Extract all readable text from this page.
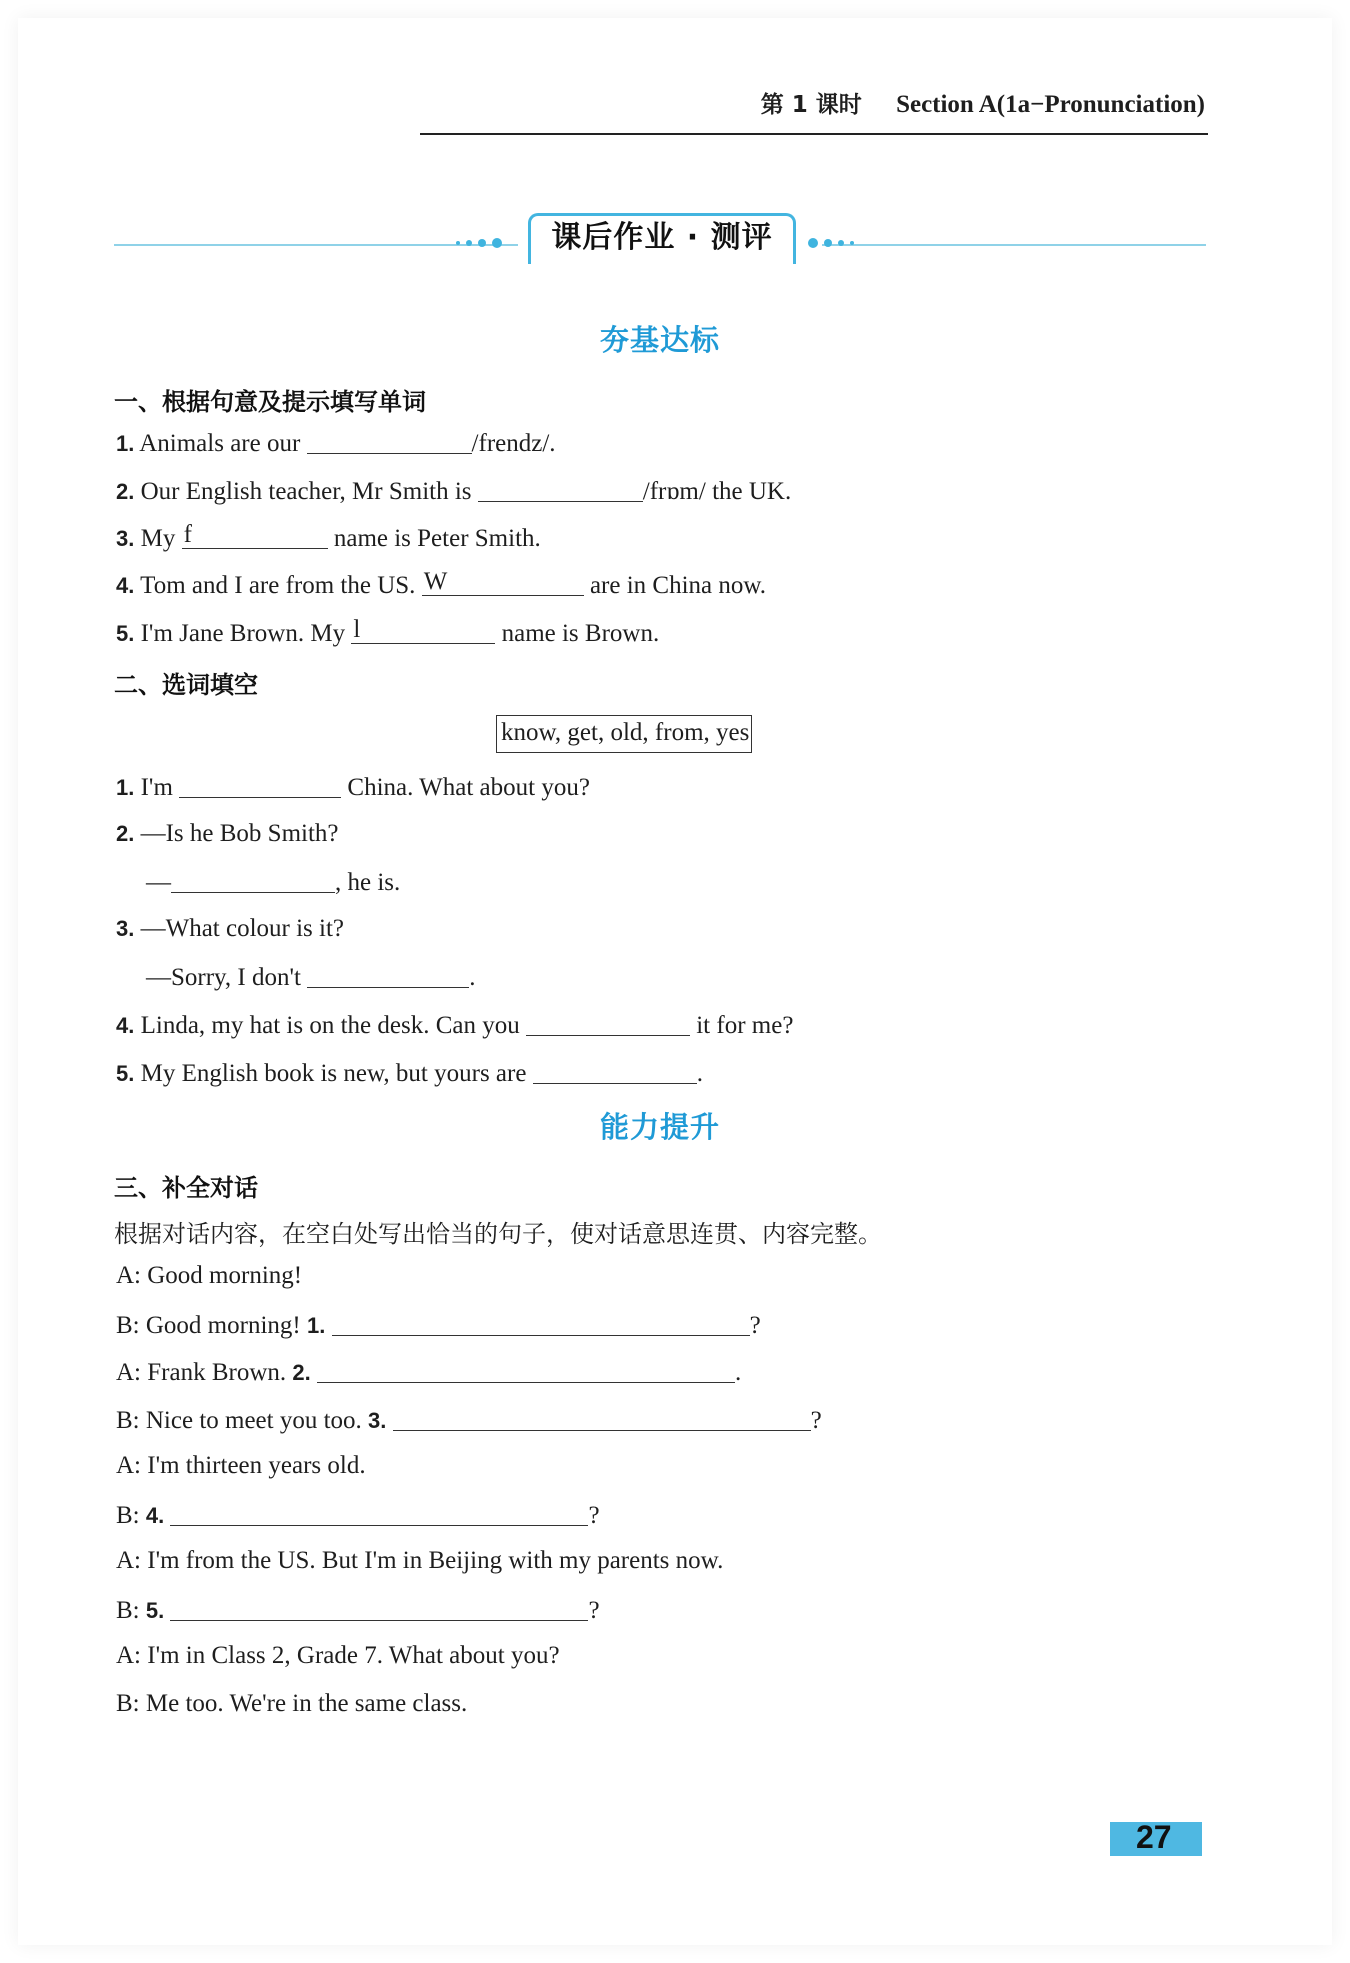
第 1 课时 Section A(1a−Pronunciation)
课后作业 · 测评
夯基达标
一、根据句意及提示填写单词
1. Animals are our	/frendz/.
2. Our English teacher, Mr Smith is	/frɒm/ the UK.
3. My f	name is Peter Smith.
4. Tom and I are from the US. W	are in China now.
5. I'm Jane Brown. My l	name is Brown.
二、选词填空
know, get, old, from, yes
1. I'm	China. What about you?
2. —Is he Bob Smith?
—	, he is.
3. —What colour is it?
—Sorry, I don't	.
4. Linda, my hat is on the desk. Can you	it for me?
5. My English book is new, but yours are	.
能力提升
三、补全对话
根据对话内容，在空白处写出恰当的句子，使对话意思连贯、内容完整。
A: Good morning!
B: Good morning! 1.	?
A: Frank Brown. 2.	.
B: Nice to meet you too. 3.	?
A: I'm thirteen years old.
B: 4.	?
A: I'm from the US. But I'm in Beijing with my parents now.
B: 5.	?
A: I'm in Class 2, Grade 7. What about you?
B: Me too. We're in the same class.
27
